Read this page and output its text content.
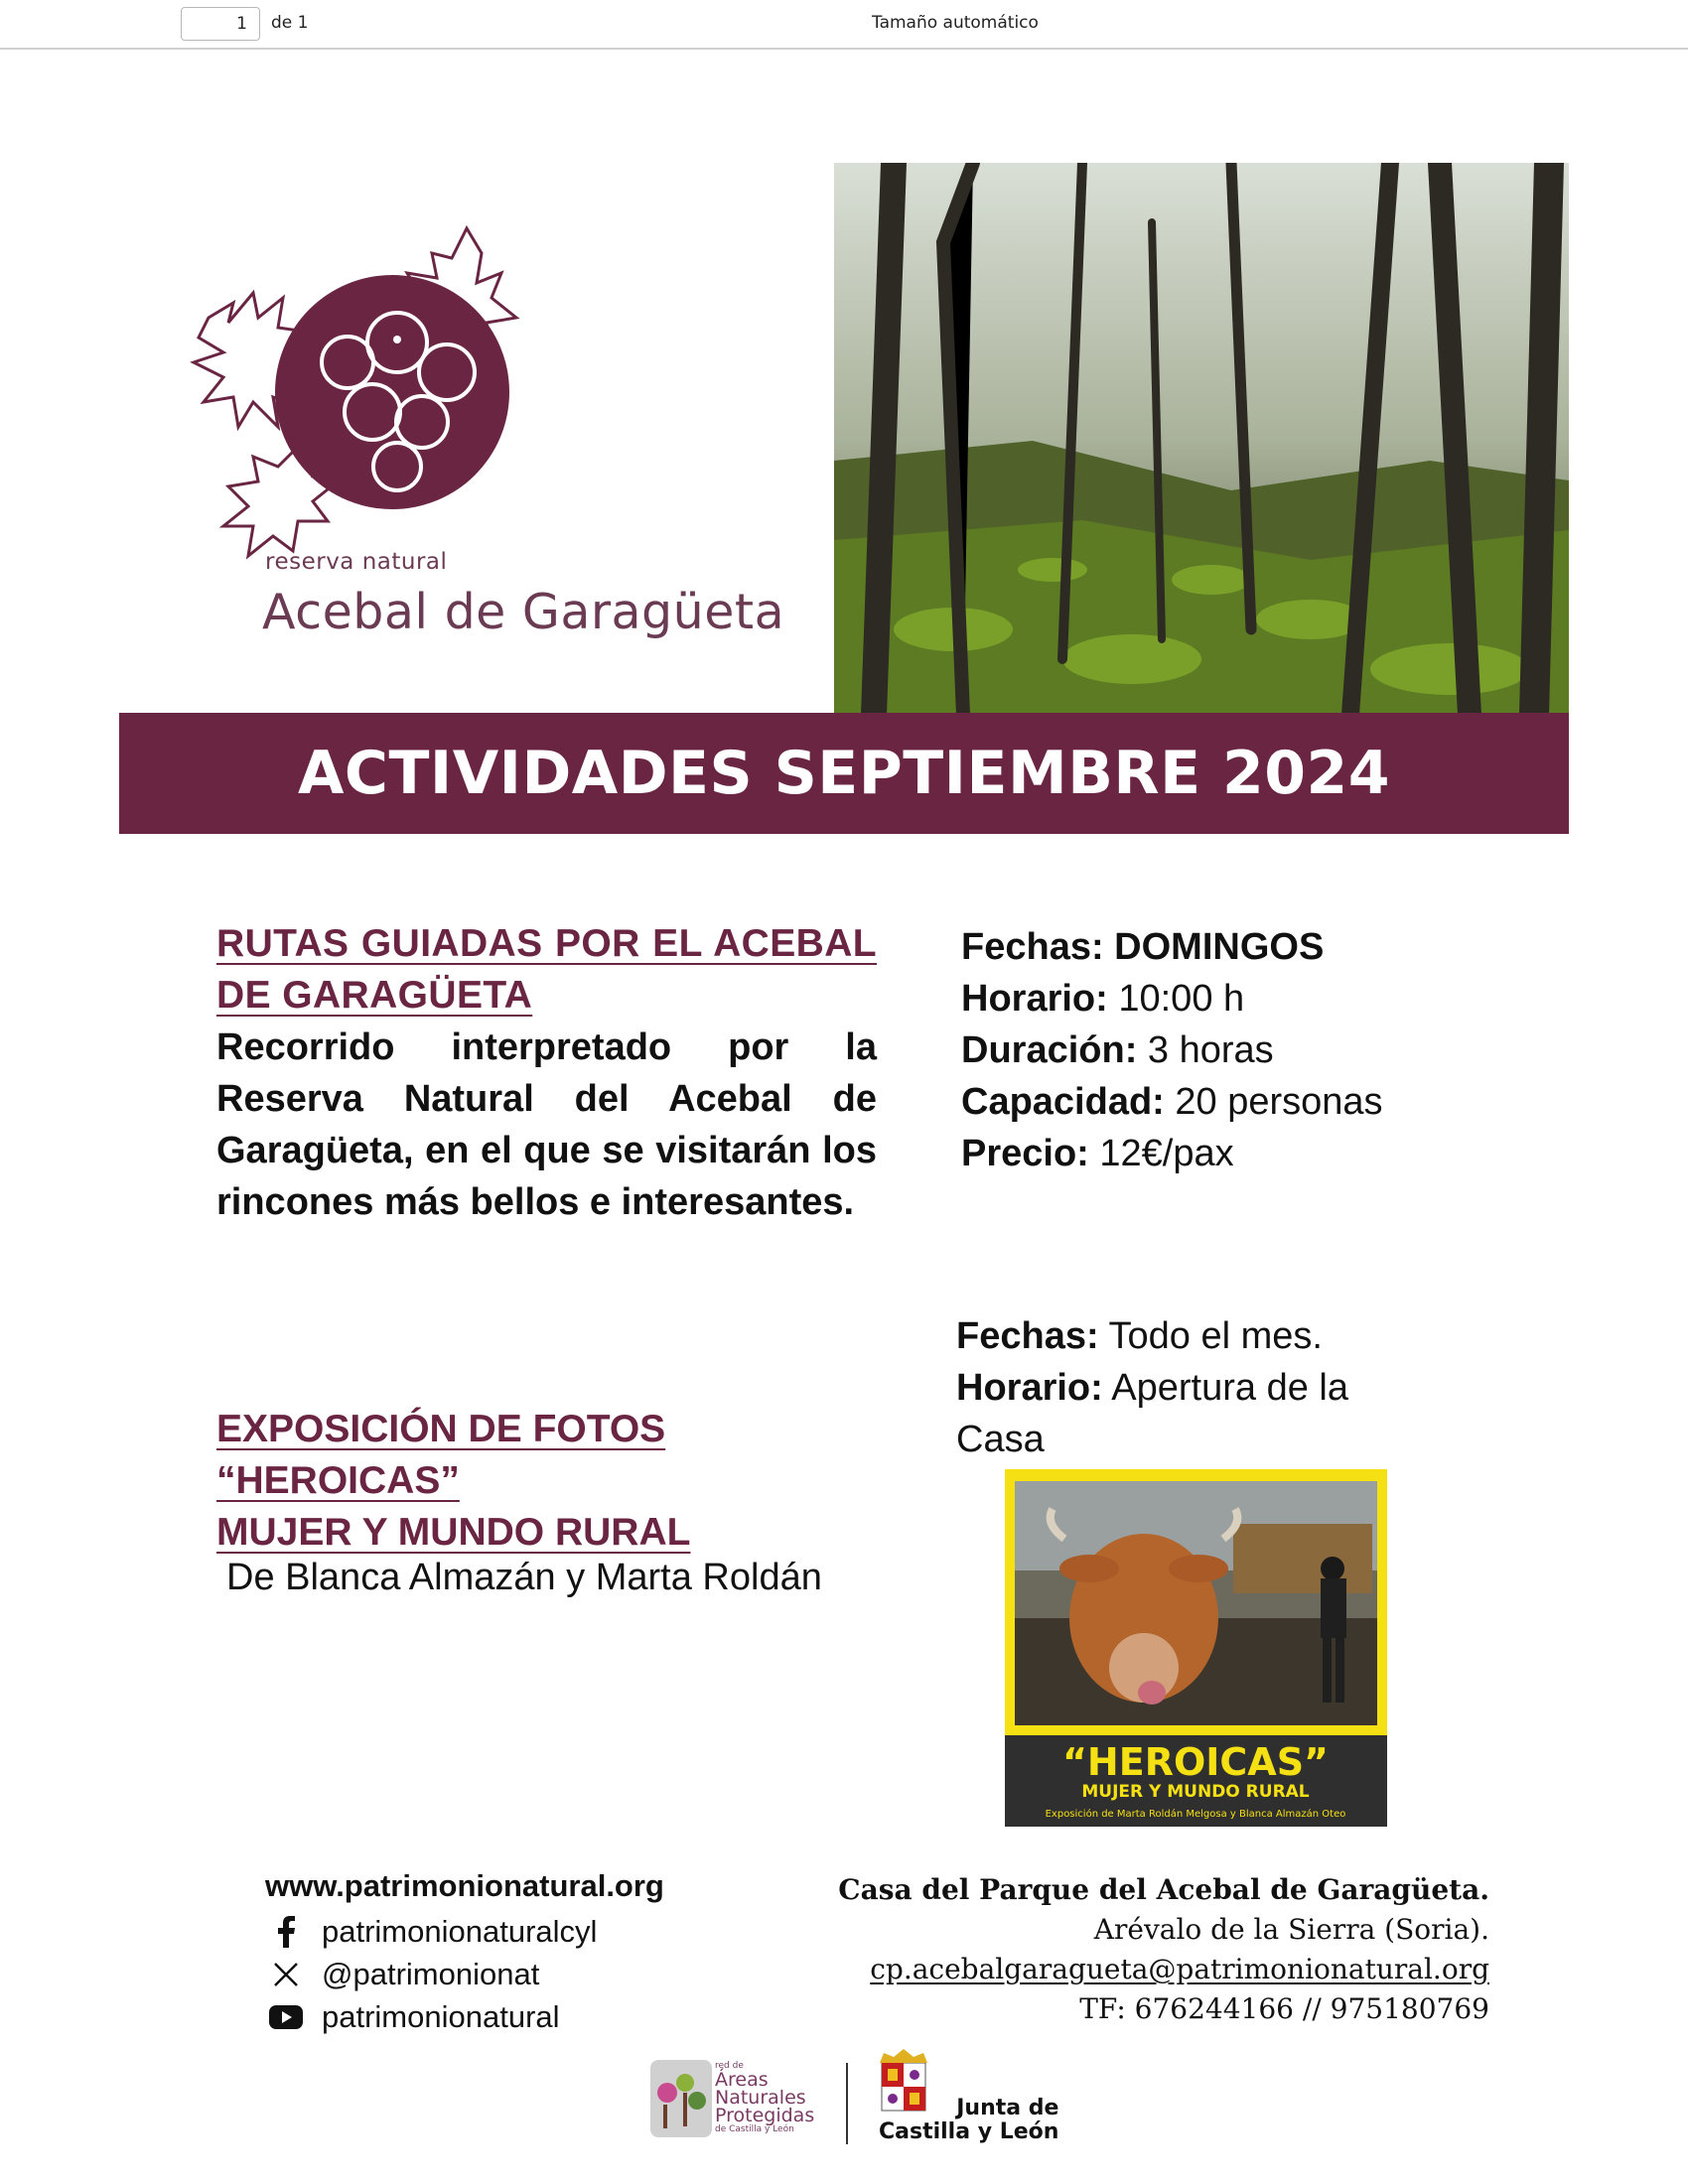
1	de 1	Tamaño automático
reserva natural
Acebal de Garagüeta
ACTIVIDADES SEPTIEMBRE 2024
RUTAS GUIADAS POR EL ACEBAL DE GARAGÜETA
Recorrido interpretado por la Reserva Natural del Acebal de Garagüeta, en el que se visitarán los rincones más bellos e interesantes.
Fechas: DOMINGOS
Horario: 10:00 h
Duración: 3 horas
Capacidad: 20 personas
Precio: 12€/pax
Fechas: Todo el mes.
Horario: Apertura de la Casa
EXPOSICIÓN DE FOTOS
“HEROICAS”
MUJER Y MUNDO RURAL
De Blanca Almazán y Marta Roldán
“HEROICAS”
MUJER Y MUNDO RURAL
Exposición de Marta Roldán Melgosa y Blanca Almazán Oteo
www.patrimonionatural.org
patrimonionaturalcyl
@patrimonionat
patrimonionatural
Casa del Parque del Acebal de Garagüeta.
Arévalo de la Sierra (Soria).
cp.acebalgaragueta@patrimonionatural.org
TF: 676244166 // 975180769
red de
Áreas
Naturales
Protegidas
de Castilla y León
Junta de
Castilla y León
